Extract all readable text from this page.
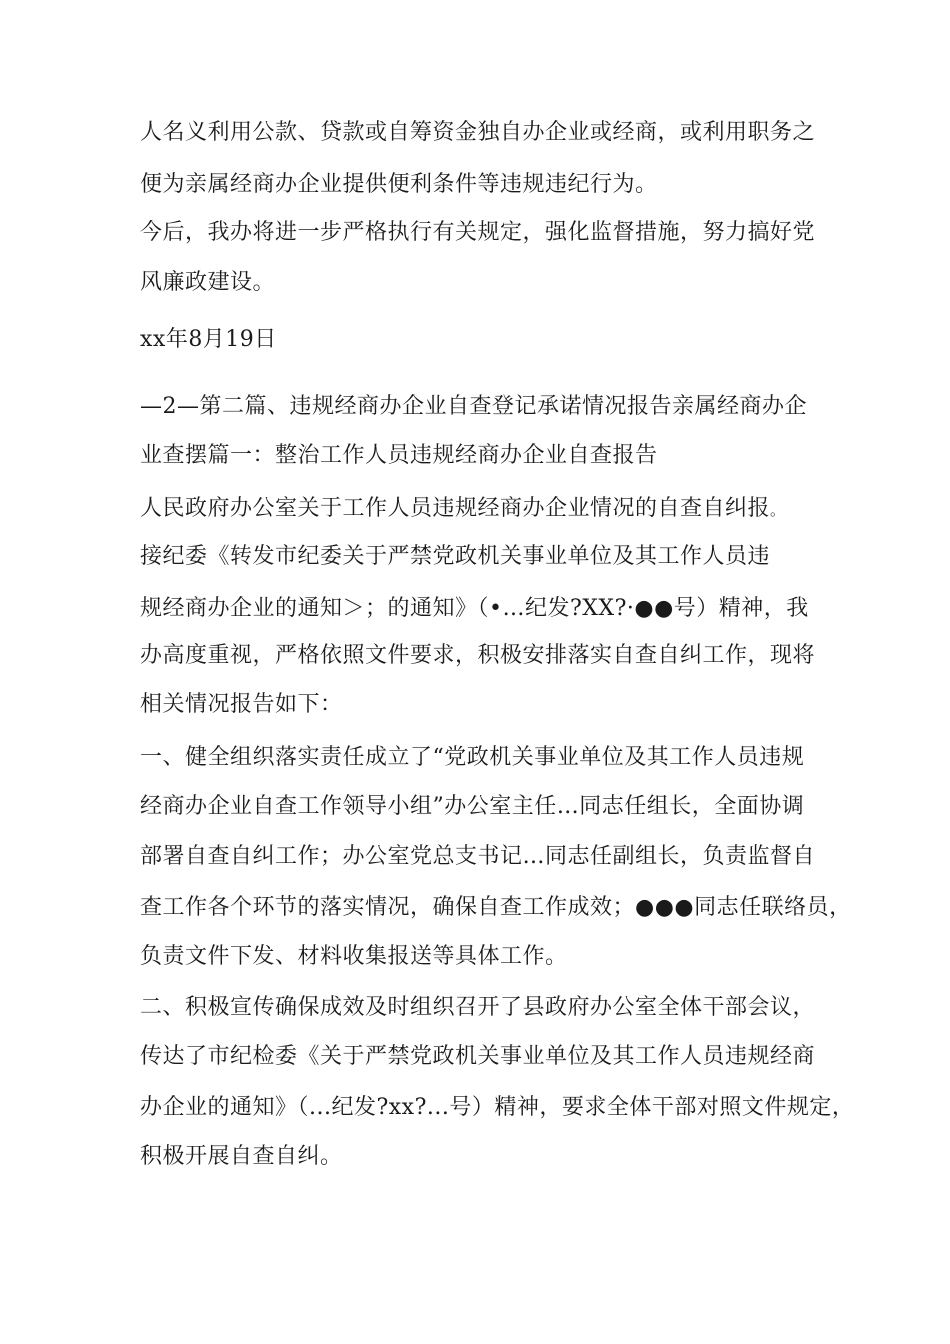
人名义利用公款、贷款或自筹资金独自办企业或经商，或利用职务之
便为亲属经商办企业提供便利条件等违规违纪行为。
今后，我办将进一步严格执行有关规定，强化监督措施，努力搞好党
风廉政建设。
xx年8月19日
—2—第二篇、违规经商办企业自查登记承诺情况报告亲属经商办企
业查摆篇一：整治工作人员违规经商办企业自查报告
人民政府办公室关于工作人员违规经商办企业情况的自查自纠报。
接纪委《转发市纪委关于严禁党政机关事业单位及其工作人员违
规经商办企业的通知＞；的通知》（•…纪发?XX?·●●号）精神，我
办高度重视，严格依照文件要求，积极安排落实自查自纠工作，现将
相关情况报告如下：
一、健全组织落实责任成立了“党政机关事业单位及其工作人员违规
经商办企业自查工作领导小组”办公室主任…同志任组长，全面协调
部署自查自纠工作；办公室党总支书记…同志任副组长，负责监督自
查工作各个环节的落实情况，确保自查工作成效；●●●同志任联络员，
负责文件下发、材料收集报送等具体工作。
二、积极宣传确保成效及时组织召开了县政府办公室全体干部会议，
传达了市纪检委《关于严禁党政机关事业单位及其工作人员违规经商
办企业的通知》（...纪发?xx?...号）精神，要求全体干部对照文件规定，
积极开展自查自纠。
